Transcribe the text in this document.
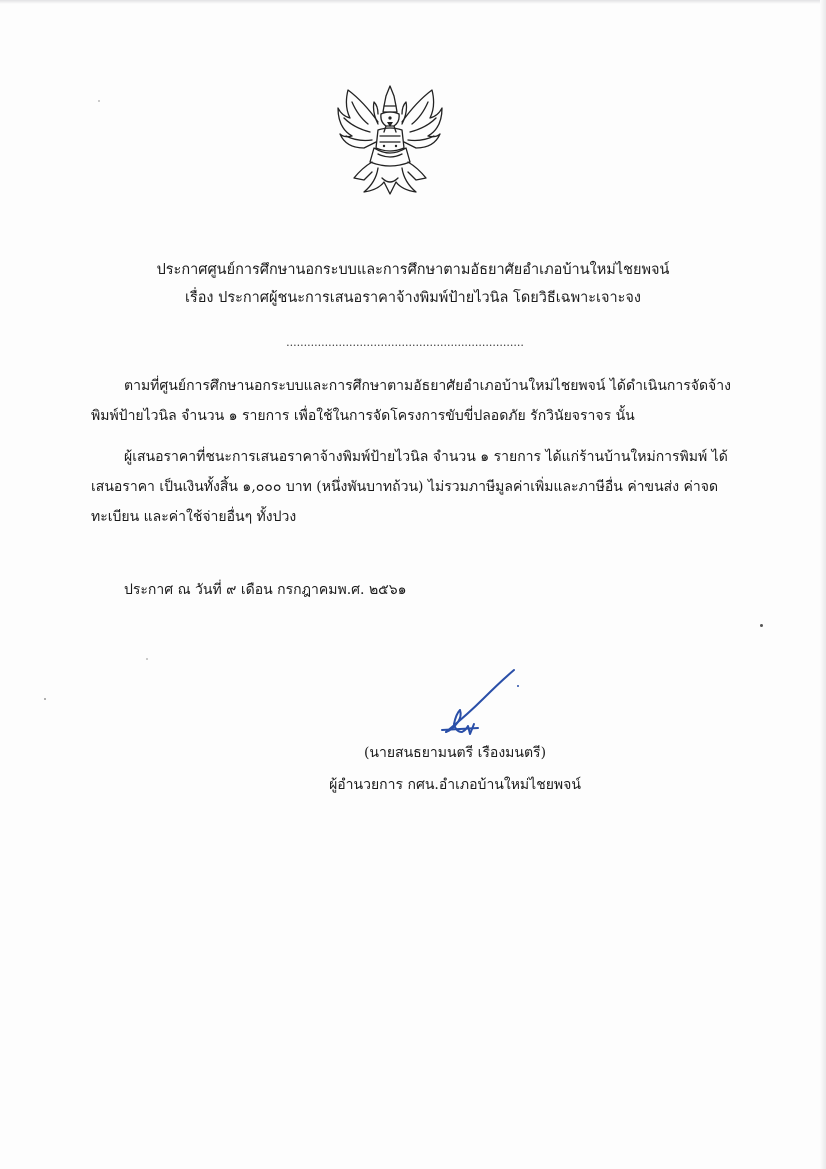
ประกาศศูนย์การศึกษานอกระบบและการศึกษาตามอัธยาศัยอำเภอบ้านใหม่ไชยพจน์
เรื่อง ประกาศผู้ชนะการเสนอราคาจ้างพิมพ์ป้ายไวนิล โดยวิธีเฉพาะเจาะจง
....................................................................
ตามที่ศูนย์การศึกษานอกระบบและการศึกษาตามอัธยาศัยอำเภอบ้านใหม่ไชยพจน์ ได้ดำเนินการจัดจ้าง
พิมพ์ป้ายไวนิล จำนวน ๑ รายการ เพื่อใช้ในการจัดโครงการขับขี่ปลอดภัย รักวินัยจราจร นั้น
ผู้เสนอราคาที่ชนะการเสนอราคาจ้างพิมพ์ป้ายไวนิล จำนวน ๑ รายการ ได้แก่ร้านบ้านใหม่การพิมพ์ ได้
เสนอราคา เป็นเงินทั้งสิ้น ๑,๐๐๐ บาท (หนึ่งพันบาทถ้วน) ไม่รวมภาษีมูลค่าเพิ่มและภาษีอื่น ค่าขนส่ง ค่าจด
ทะเบียน และค่าใช้จ่ายอื่นๆ ทั้งปวง
ประกาศ ณ วันที่ ๙ เดือน กรกฎาคมพ.ศ. ๒๕๖๑
(นายสนธยามนตรี เรืองมนตรี)
ผู้อำนวยการ กศน.อำเภอบ้านใหม่ไชยพจน์
